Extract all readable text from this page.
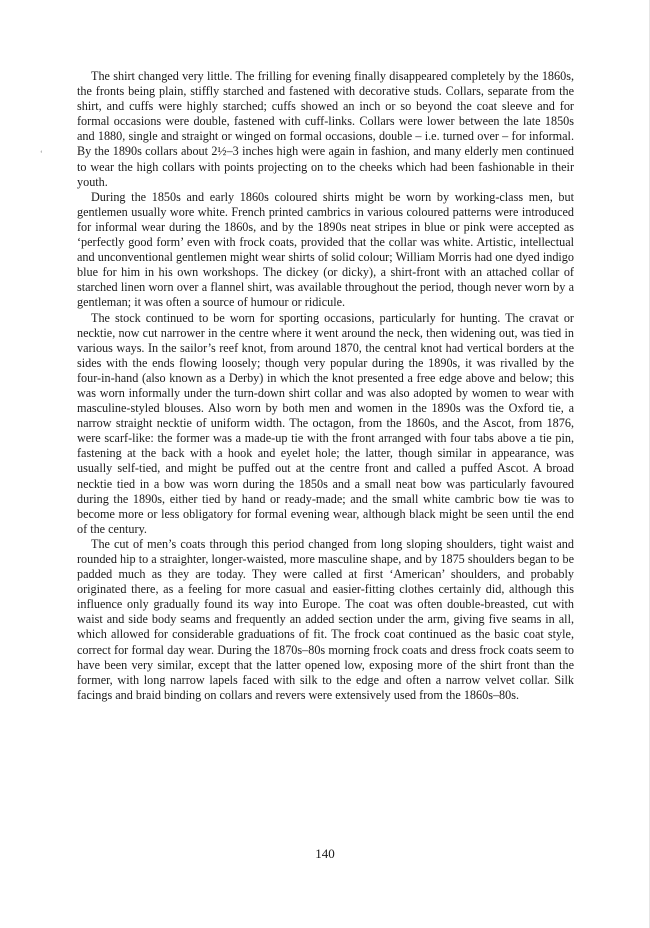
‘

The shirt changed very little. The frilling for evening finally disappeared completely by the 1860s, the fronts being plain, stiffly starched and fastened with decorative studs. Collars, separate from the shirt, and cuffs were highly starched; cuffs showed an inch or so beyond the coat sleeve and for formal occasions were double, fastened with cuff-links. Collars were lower between the late 1850s and 1880, single and straight or winged on formal occasions, double – i.e. turned over – for informal. By the 1890s collars about 2½–3 inches high were again in fashion, and many elderly men continued to wear the high collars with points projecting on to the cheeks which had been fashionable in their youth.

During the 1850s and early 1860s coloured shirts might be worn by working-class men, but gentlemen usually wore white. French printed cambrics in various coloured patterns were introduced for informal wear during the 1860s, and by the 1890s neat stripes in blue or pink were accepted as ‘perfectly good form’ even with frock coats, provided that the collar was white. Artistic, intellectual and unconventional gentlemen might wear shirts of solid colour; William Morris had one dyed indigo blue for him in his own workshops. The dickey (or dicky), a shirt-front with an attached collar of starched linen worn over a flannel shirt, was available throughout the period, though never worn by a gentleman; it was often a source of humour or ridicule.

The stock continued to be worn for sporting occasions, particularly for hunting. The cravat or necktie, now cut narrower in the centre where it went around the neck, then widening out, was tied in various ways. In the sailor’s reef knot, from around 1870, the central knot had vertical borders at the sides with the ends flowing loosely; though very popular during the 1890s, it was rivalled by the four-in-hand (also known as a Derby) in which the knot presented a free edge above and below; this was worn informally under the turn-down shirt collar and was also adopted by women to wear with masculine-styled blouses. Also worn by both men and women in the 1890s was the Oxford tie, a narrow straight necktie of uniform width. The octagon, from the 1860s, and the Ascot, from 1876, were scarf-like: the former was a made-up tie with the front arranged with four tabs above a tie pin, fastening at the back with a hook and eyelet hole; the latter, though similar in appearance, was usually self-tied, and might be puffed out at the centre front and called a puffed Ascot. A broad necktie tied in a bow was worn during the 1850s and a small neat bow was particularly favoured during the 1890s, either tied by hand or ready-made; and the small white cambric bow tie was to become more or less obligatory for formal evening wear, although black might be seen until the end of the century.

The cut of men’s coats through this period changed from long sloping shoulders, tight waist and rounded hip to a straighter, longer-waisted, more masculine shape, and by 1875 shoulders began to be padded much as they are today. They were called at first ‘American’ shoulders, and probably originated there, as a feeling for more casual and easier-fitting clothes certainly did, although this influence only gradually found its way into Europe. The coat was often double-breasted, cut with waist and side body seams and frequently an added section under the arm, giving five seams in all, which allowed for considerable graduations of fit. The frock coat continued as the basic coat style, correct for formal day wear. During the 1870s–80s morning frock coats and dress frock coats seem to have been very similar, except that the latter opened low, exposing more of the shirt front than the former, with long narrow lapels faced with silk to the edge and often a narrow velvet collar. Silk facings and braid binding on collars and revers were extensively used from the 1860s–80s.

140
